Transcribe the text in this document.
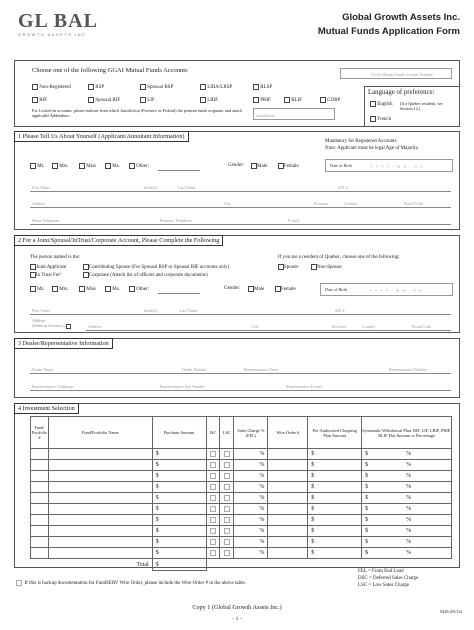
GL BAL
GROWTH ASSETS INC
Global Growth Assets Inc.
Mutual Funds Application Form
Choose one of the following GGAI Mutual Funds Accounts
GGAI Mutual Funds Account Number
Non-Registered	RSP	Spousal RSP	LIRA/LRSP	RLSP
RIF	Spousal RIF	LIF	LRIF	PRIF	RLIF	CORP
For Locked-in accounts, please indicate from which Jurisdiction (Province or Federal) the pension funds originate, and attach applicable Addendum.	Jurisdiction
Language of preference:
English (If a Quebec resident, see Section 12.)
French
1 Please Tell Us About Yourself (Applicant/Annuitant Information)
Mandatory for Registered Accounts
Note: Applicant must be legal Age of Majority.
Mr.	Mrs.	Miss	Ms.	Other:	Gender:	Male	Female	Date of Birth	Y Y Y Y / M M / D D
First Name	Initial(s)	Last Name	SIN #
Address	City	Province	Country	Postal Code
Home Telephone	Business Telephone	E-mail
2 For a Joint/Spousal/InTrust/Corporate Account, Please Complete the Following
The person named is the:
Joint Applicant	Contributing Spouse (For Spousal RSP or Spousal RIF accounts only)
In Trust For¹	Corporate (Attach list of officers and corporate documents)
If you are a resident of Quebec, choose one of the following:
Spouse	Non-Spouse
Mr.	Mrs.	Miss	Ms.	Other:	Gender:	Male	Female	Date of Birth	Y Y Y Y / M M / D D
First Name	Initial(s)	Last Name	SIN #
Address
(Same as Section 1)	Address	City	Province	Country	Postal Code
3 Dealer/Representative Information
Dealer Name	Dealer Number	Representative Name	Representative Number
Representative Telephone	Representative Fax Number	Representative E-mail
4 Investment Selection
Fund/ Portfolio #	Fund/Portfolio Name	Purchase Amount	ISC	LSC	Sales Charge % (FEL)	Wire Order #	Pre-Authorized Chequing Plan Amount	Systematic Withdrawal Plan, RIF, LIF, LRIF, PRIF, RLIF Flat Amount or Percentage
		$			%		$	$ %
		$			%		$	$ %
		$			%		$	$ %
		$			%		$	$ %
		$			%		$	$ %
		$			%		$	$ %
		$			%		$	$ %
		$			%		$	$ %
		$			%		$	$ %
		$			%		$	$ %
Total		$						
If this is backup documentation for FundSERV Wire Order, please include the Wire Order # in the above table.
FEL = From End Load
DSC = Deferred Sales Charge
LSC = Low Sales Charge
Copy 1 (Global Growth Assets Inc.)
- 1 -
0426 (05/14)
